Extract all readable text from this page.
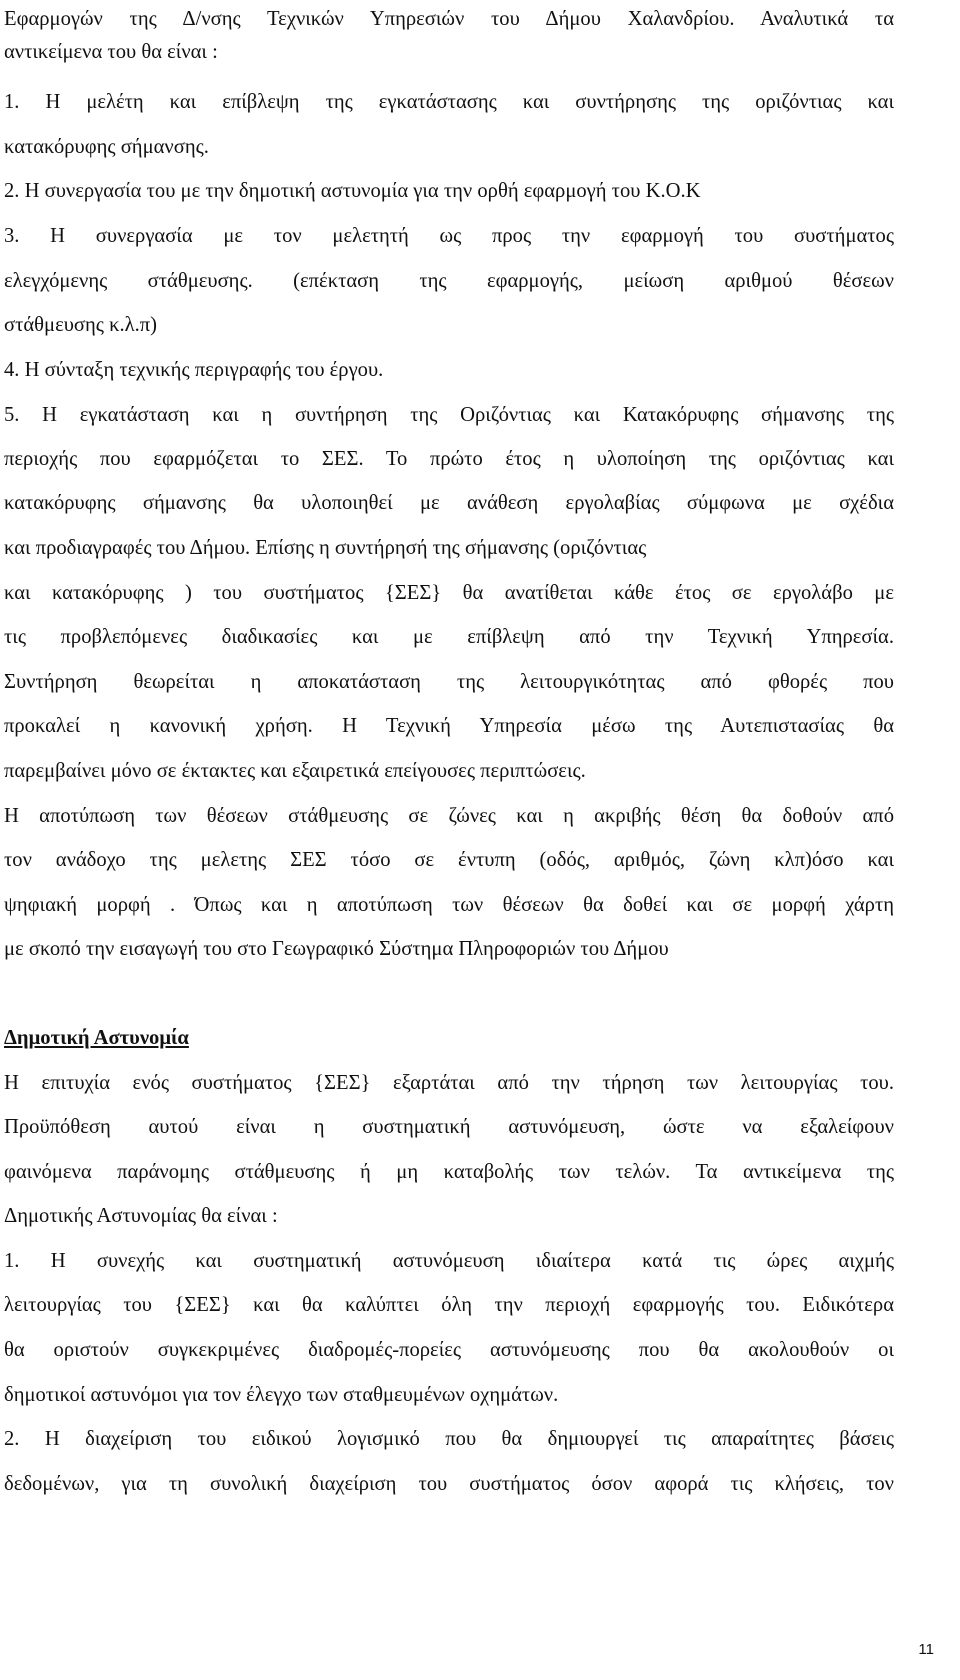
Εφαρμογών της Δ/νσης Τεχνικών Υπηρεσιών του Δήμου Χαλανδρίου. Αναλυτικά τα
αντικείμενα του θα είναι :
1. Η μελέτη και επίβλεψη της εγκατάστασης και συντήρησης της οριζόντιας και
κατακόρυφης σήμανσης.
2. Η συνεργασία του με την δημοτική αστυνομία για την ορθή εφαρμογή του Κ.Ο.Κ
3. Η συνεργασία με τον μελετητή ως προς την εφαρμογή του συστήματος
ελεγχόμενης στάθμευσης. (επέκταση της εφαρμογής, μείωση αριθμού θέσεων
στάθμευσης κ.λ.π)
4. Η σύνταξη τεχνικής περιγραφής του έργου.
5. Η εγκατάσταση και η συντήρηση της Οριζόντιας και Κατακόρυφης σήμανσης της
περιοχής που εφαρμόζεται το ΣΕΣ. Το πρώτο έτος η υλοποίηση της οριζόντιας και
κατακόρυφης σήμανσης θα υλοποιηθεί με ανάθεση εργολαβίας σύμφωνα με σχέδια
και προδιαγραφές του Δήμου. Επίσης η συντήρησή της σήμανσης (οριζόντιας
και κατακόρυφης ) του συστήματος {ΣΕΣ} θα ανατίθεται κάθε έτος σε εργολάβο με
τις προβλεπόμενες διαδικασίες και με επίβλεψη από την Τεχνική Υπηρεσία.
Συντήρηση θεωρείται η αποκατάσταση της λειτουργικότητας από φθορές που
προκαλεί η κανονική χρήση. Η Τεχνική Υπηρεσία μέσω της Αυτεπιστασίας θα
παρεμβαίνει μόνο σε έκτακτες και εξαιρετικά επείγουσες περιπτώσεις.
Η αποτύπωση των θέσεων στάθμευσης σε ζώνες και η ακριβής θέση θα δοθούν από
τον ανάδοχο της μελετης ΣΕΣ τόσο σε έντυπη (οδός, αριθμός, ζώνη κλπ)όσο και
ψηφιακή μορφή . Όπως και η αποτύπωση των θέσεων θα δοθεί και σε μορφή χάρτη
με σκοπό την εισαγωγή του στο Γεωγραφικό Σύστημα Πληροφοριών του Δήμου
Δημοτική Αστυνομία
Η επιτυχία ενός συστήματος {ΣΕΣ} εξαρτάται από την τήρηση των λειτουργίας του.
Προϋπόθεση αυτού είναι η συστηματική αστυνόμευση, ώστε να εξαλείφουν
φαινόμενα παράνομης στάθμευσης ή μη καταβολής των τελών. Τα αντικείμενα της
Δημοτικής Αστυνομίας θα είναι :
1. Η συνεχής και συστηματική αστυνόμευση ιδιαίτερα κατά τις ώρες αιχμής
λειτουργίας του {ΣΕΣ} και θα καλύπτει όλη την περιοχή εφαρμογής του. Ειδικότερα
θα οριστούν συγκεκριμένες διαδρομές-πορείες αστυνόμευσης που θα ακολουθούν οι
δημοτικοί αστυνόμοι για τον έλεγχο των σταθμευμένων οχημάτων.
2. Η διαχείριση του ειδικού λογισμικό που θα δημιουργεί τις απαραίτητες βάσεις
δεδομένων, για τη συνολική διαχείριση του συστήματος όσον αφορά τις κλήσεις, τον
11
